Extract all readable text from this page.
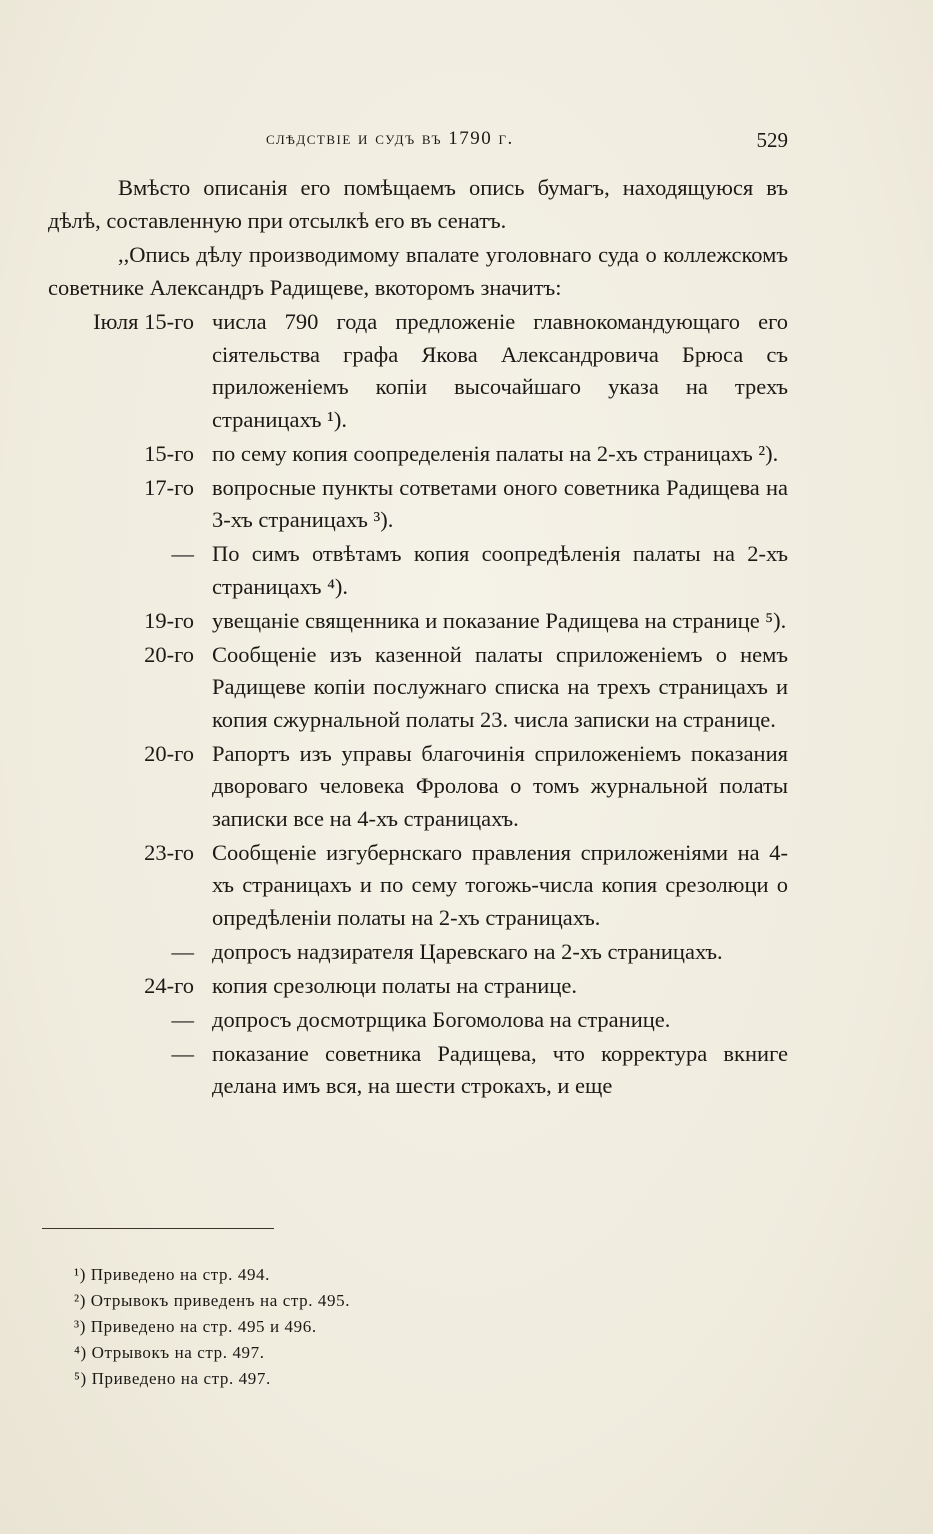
слѣдствіе и судъ въ 1790 г.	529

Вмѣсто описанія его помѣщаемъ опись бумагъ, находящуюся въ дѣлѣ, составленную при отсылкѣ его въ сенатъ.

,,Опись дѣлу производимому впалате уголовнаго суда о коллежскомъ советнике Александръ Радищеве, вкоторомъ значитъ:

Іюля 15-го числа 790 года предложеніе главнокомандующаго его сіятельства графа Якова Александровича Брюса съ приложеніемъ копіи высочайшаго указа на трехъ страницахъ ¹).
15-го по сему копия соопределенія палаты на 2-хъ страницахъ ²).
17-го вопросные пункты сответами оного советника Радищева на 3-хъ страницахъ ³).
— По симъ отвѣтамъ копия соопредѣленія палаты на 2-хъ страницахъ ⁴).
19-го увещаніе священника и показание Радищева на странице ⁵).
20-го Сообщеніе изъ казенной палаты сприложеніемъ о немъ Радищеве копіи послужнаго списка на трехъ страницахъ и копия сжурнальной полаты 23. числа записки на странице.
20-го Рапортъ изъ управы благочинія сприложеніемъ показания двороваго человека Фролова о томъ журнальной полаты записки все на 4-хъ страницахъ.
23-го Сообщеніе изгубернскаго правления сприложеніями на 4-хъ страницахъ и по сему тогожь-числа копия срезолюци о опредѣленіи полаты на 2-хъ страницахъ.
— допросъ надзирателя Царевскаго на 2-хъ страницахъ.
24-го копия срезолюци полаты на странице.
— допросъ досмотрщика Богомолова на странице.
— показание советника Радищева, что корректура вкниге делана имъ вся, на шести строкахъ, и еще
¹) Приведено на стр. 494.
²) Отрывокъ приведенъ на стр. 495.
³) Приведено на стр. 495 и 496.
⁴) Отрывокъ на стр. 497.
⁵) Приведено на стр. 497.
